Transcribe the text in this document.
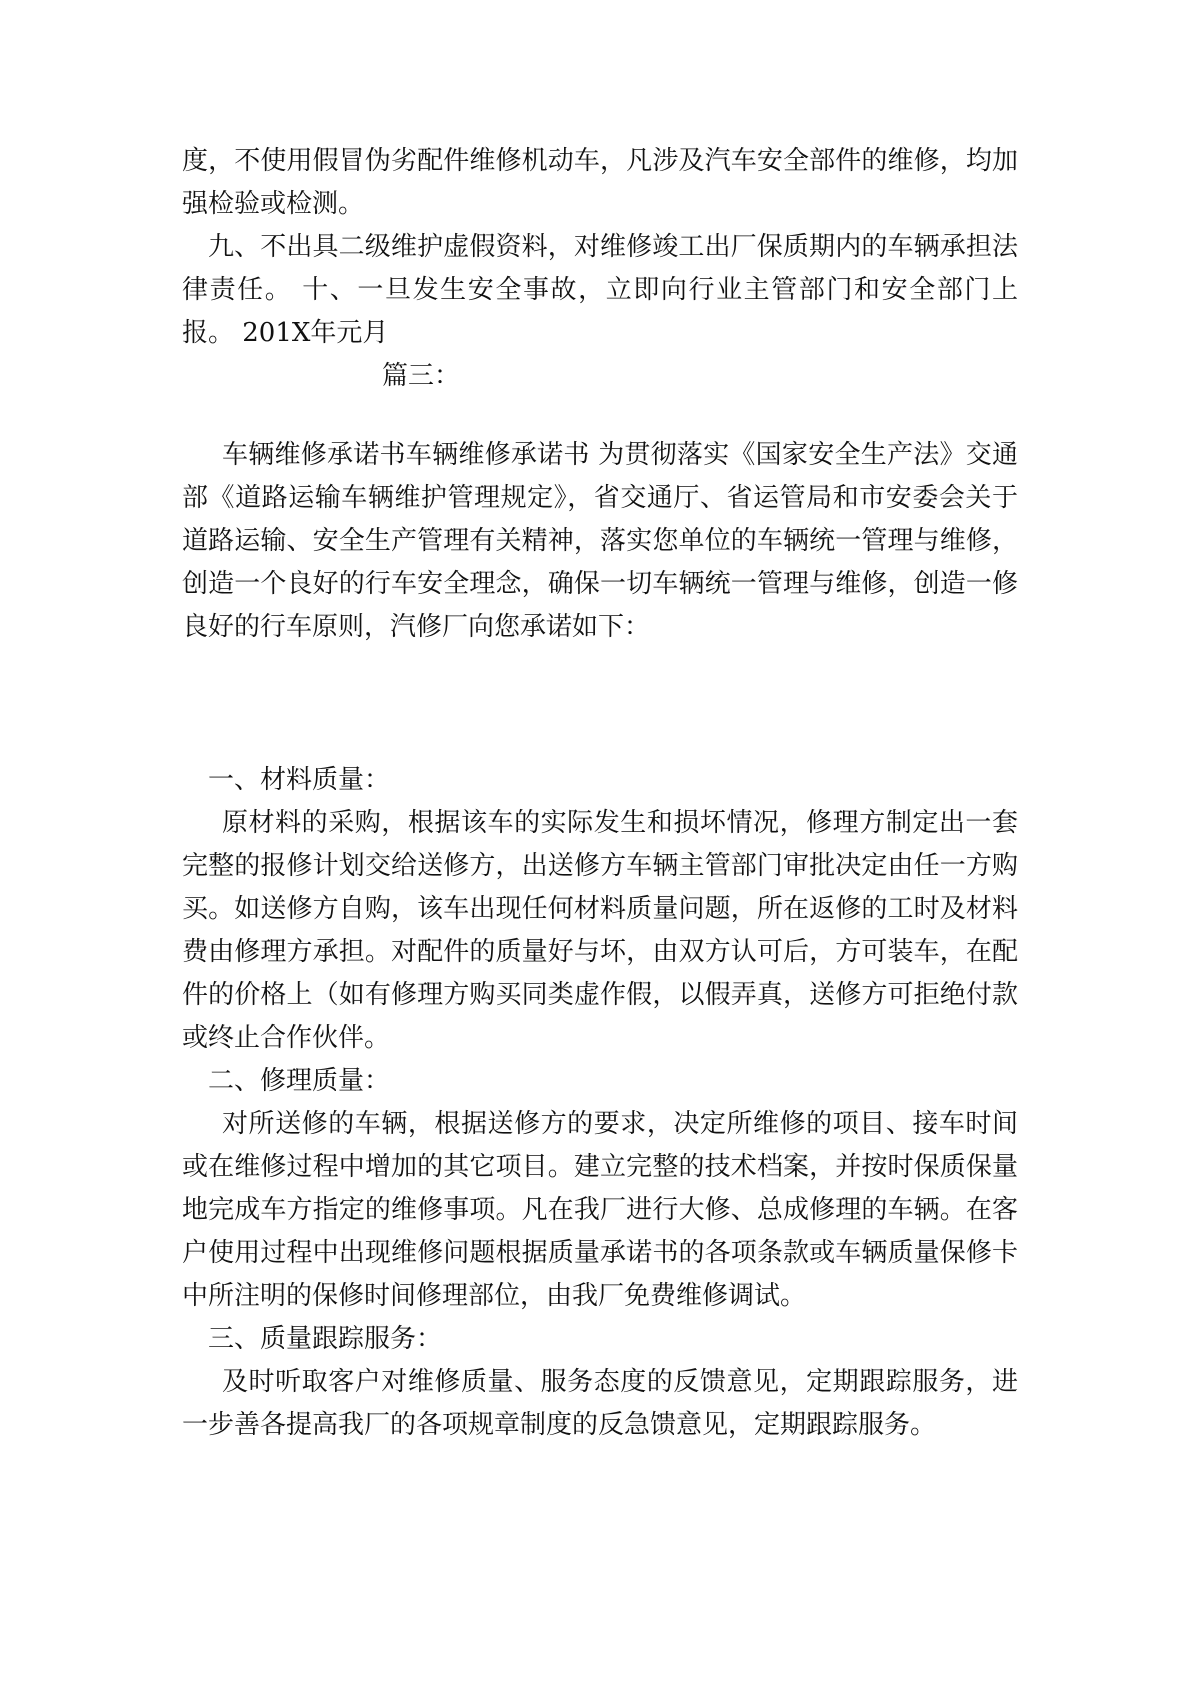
度，不使用假冒伪劣配件维修机动车，凡涉及汽车安全部件的维修，均加强检验或检测。

九、不出具二级维护虚假资料，对维修竣工出厂保质期内的车辆承担法律责任。 十、一旦发生安全事故，立即向行业主管部门和安全部门上报。 201X年元月

篇三：

车辆维修承诺书车辆维修承诺书 为贯彻落实《国家安全生产法》交通部《道路运输车辆维护管理规定》，省交通厅、省运管局和市安委会关于道路运输、安全生产管理有关精神，落实您单位的车辆统一管理与维修，创造一个良好的行车安全理念，确保一切车辆统一管理与维修，创造一修良好的行车原则，汽修厂向您承诺如下：

一、材料质量：

原材料的采购，根据该车的实际发生和损坏情况，修理方制定出一套完整的报修计划交给送修方，出送修方车辆主管部门审批决定由任一方购买。如送修方自购，该车出现任何材料质量问题，所在返修的工时及材料费由修理方承担。对配件的质量好与坏，由双方认可后，方可装车，在配件的价格上（如有修理方购买同类虚作假，以假弄真，送修方可拒绝付款或终止合作伙伴。

二、修理质量：

对所送修的车辆，根据送修方的要求，决定所维修的项目、接车时间或在维修过程中增加的其它项目。建立完整的技术档案，并按时保质保量地完成车方指定的维修事项。凡在我厂进行大修、总成修理的车辆。在客户使用过程中出现维修问题根据质量承诺书的各项条款或车辆质量保修卡中所注明的保修时间修理部位，由我厂免费维修调试。

三、质量跟踪服务：

及时听取客户对维修质量、服务态度的反馈意见，定期跟踪服务，进一步善各提高我厂的各项规章制度的反急馈意见，定期跟踪服务。
